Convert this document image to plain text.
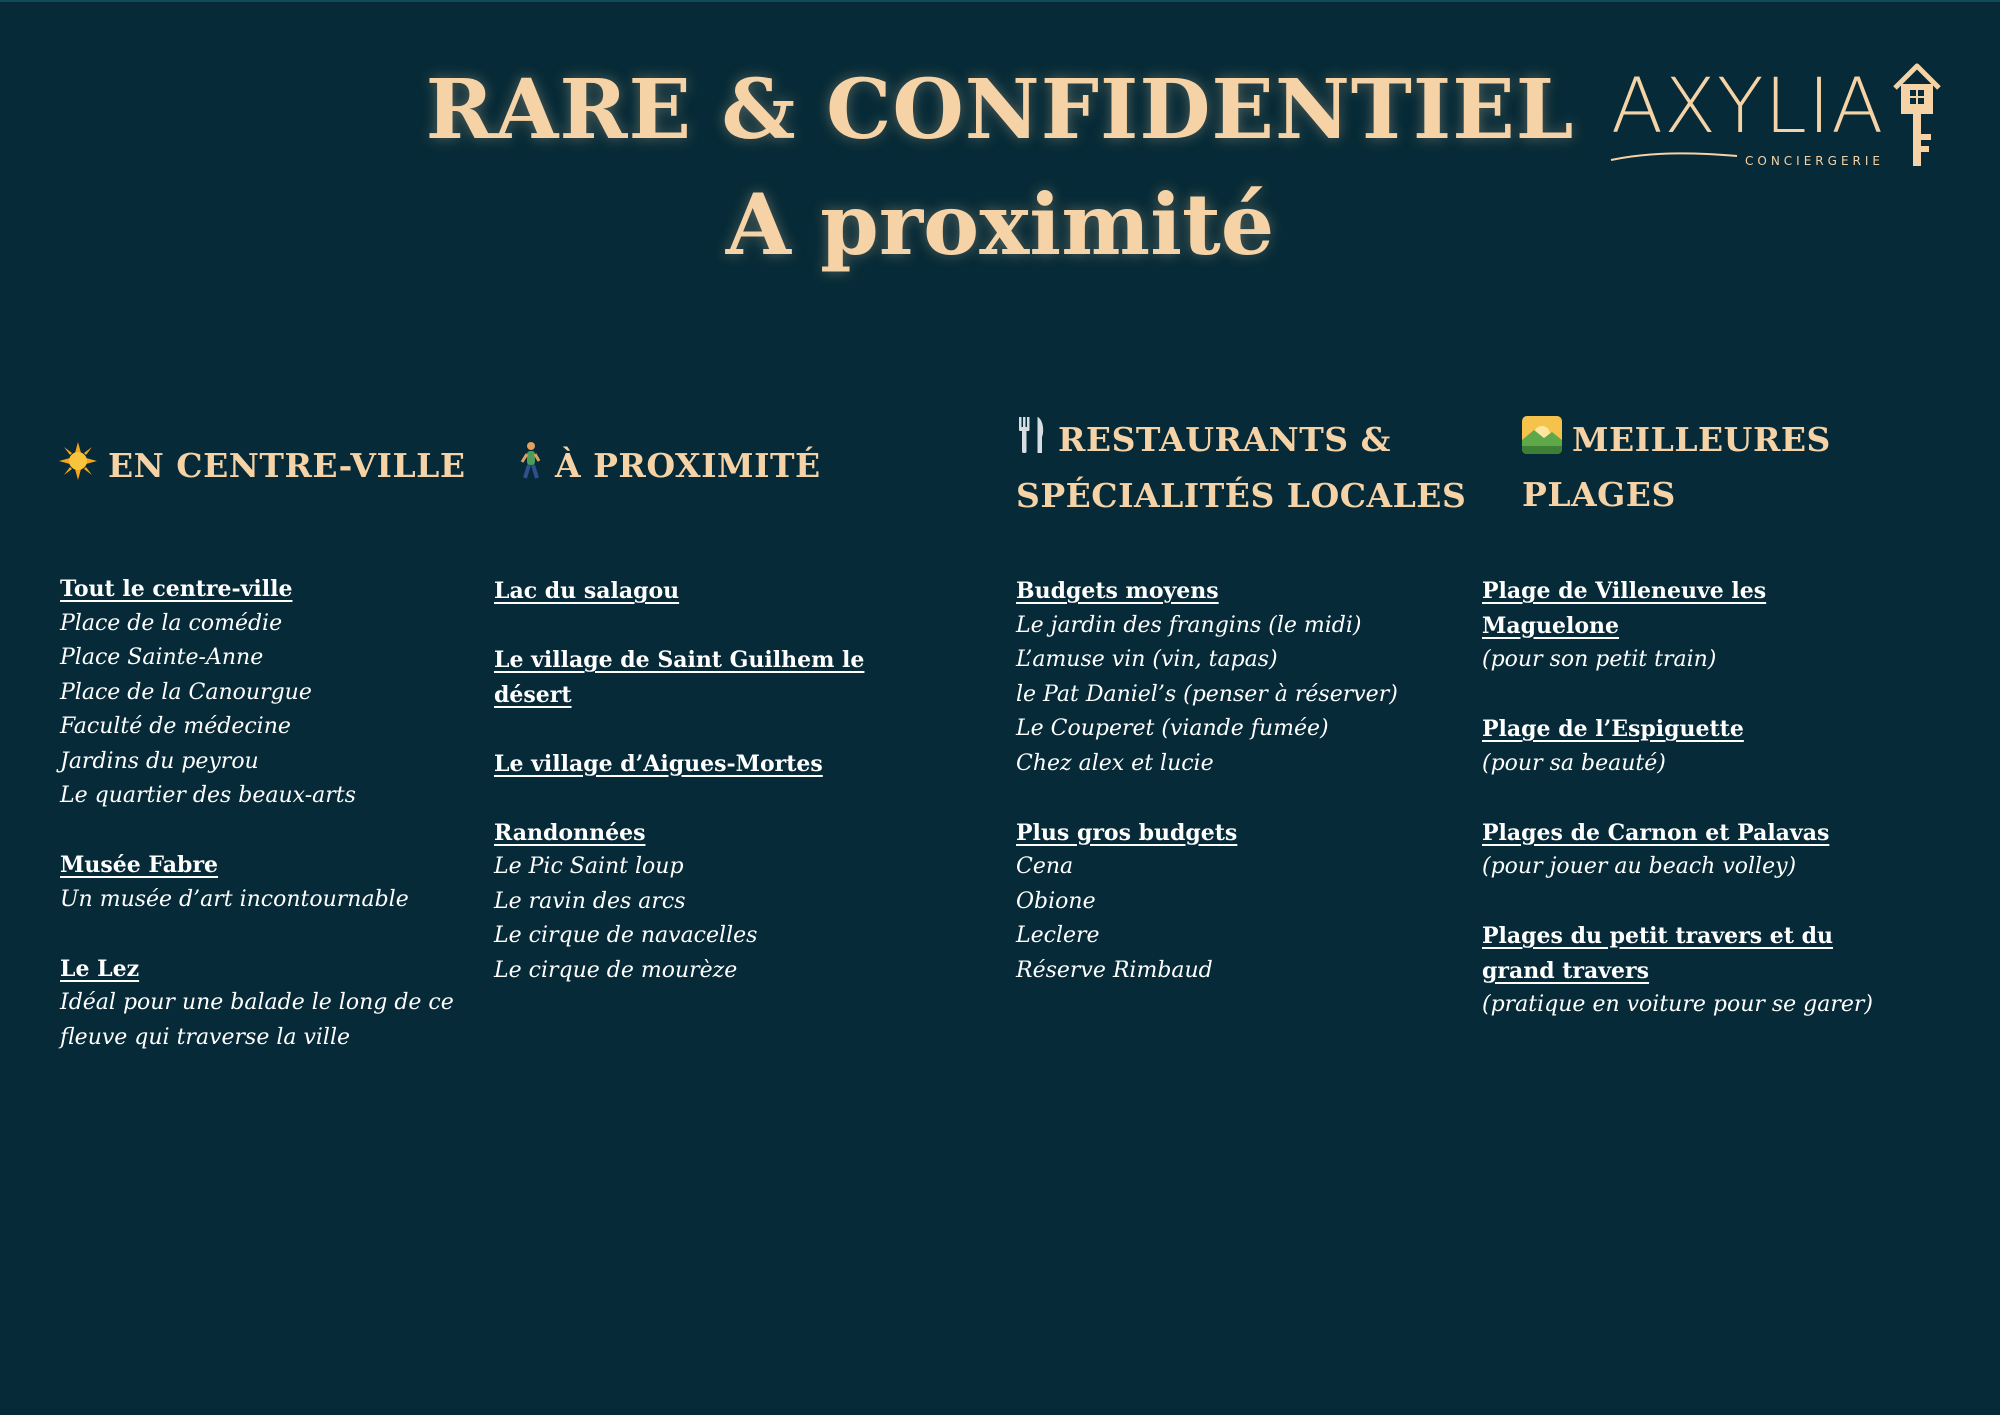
RARE & CONFIDENTIEL
A proximité
AXYLIA
CONCIERGERIE
EN CENTRE-VILLE	À PROXIMITÉ
RESTAURANTS &
SPÉCIALITÉS LOCALES
MEILLEURES
PLAGES
Tout le centre-ville
Place de la comédie
Place Sainte-Anne
Place de la Canourgue
Faculté de médecine
Jardins du peyrou
Le quartier des beaux-arts
Musée Fabre
Un musée d’art incontournable
Le Lez
Idéal pour une balade le long de ce
fleuve qui traverse la ville
Lac du salagou
Le village de Saint Guilhem le
désert
Le village d’Aigues-Mortes
Randonnées
Le Pic Saint loup
Le ravin des arcs
Le cirque de navacelles
Le cirque de mourèze
Budgets moyens
Le jardin des frangins (le midi)
L’amuse vin (vin, tapas)
le Pat Daniel’s (penser à réserver)
Le Couperet (viande fumée)
Chez alex et lucie
Plus gros budgets
Cena
Obione
Leclere
Réserve Rimbaud
Plage de Villeneuve les
Maguelone
(pour son petit train)
Plage de l’Espiguette
(pour sa beauté)
Plages de Carnon et Palavas
(pour jouer au beach volley)
Plages du petit travers et du
grand travers
(pratique en voiture pour se garer)
